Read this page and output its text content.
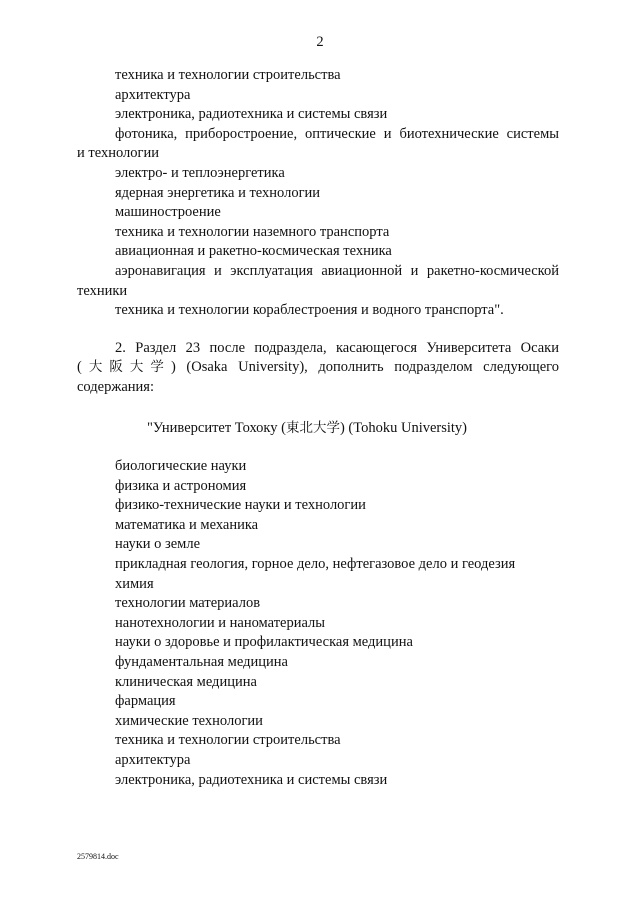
2
техника и технологии строительства
архитектура
электроника, радиотехника и системы связи
фотоника, приборостроение, оптические и биотехнические системы
и технологии
электро- и теплоэнергетика
ядерная энергетика и технологии
машиностроение
техника и технологии наземного транспорта
авиационная и ракетно-космическая техника
аэронавигация и эксплуатация авиационной и ракетно-космической
техники
техника и технологии кораблестроения и водного транспорта".
2. Раздел 23 после подраздела, касающегося Университета Осаки
(大阪大学) (Osaka University), дополнить подразделом следующего
содержания:
"Университет Тохоку (東北大学) (Tohoku University)
биологические науки
физика и астрономия
физико-технические науки и технологии
математика и механика
науки о земле
прикладная геология, горное дело, нефтегазовое дело и геодезия
химия
технологии материалов
нанотехнологии и наноматериалы
науки о здоровье и профилактическая медицина
фундаментальная медицина
клиническая медицина
фармация
химические технологии
техника и технологии строительства
архитектура
электроника, радиотехника и системы связи
2579814.doc
